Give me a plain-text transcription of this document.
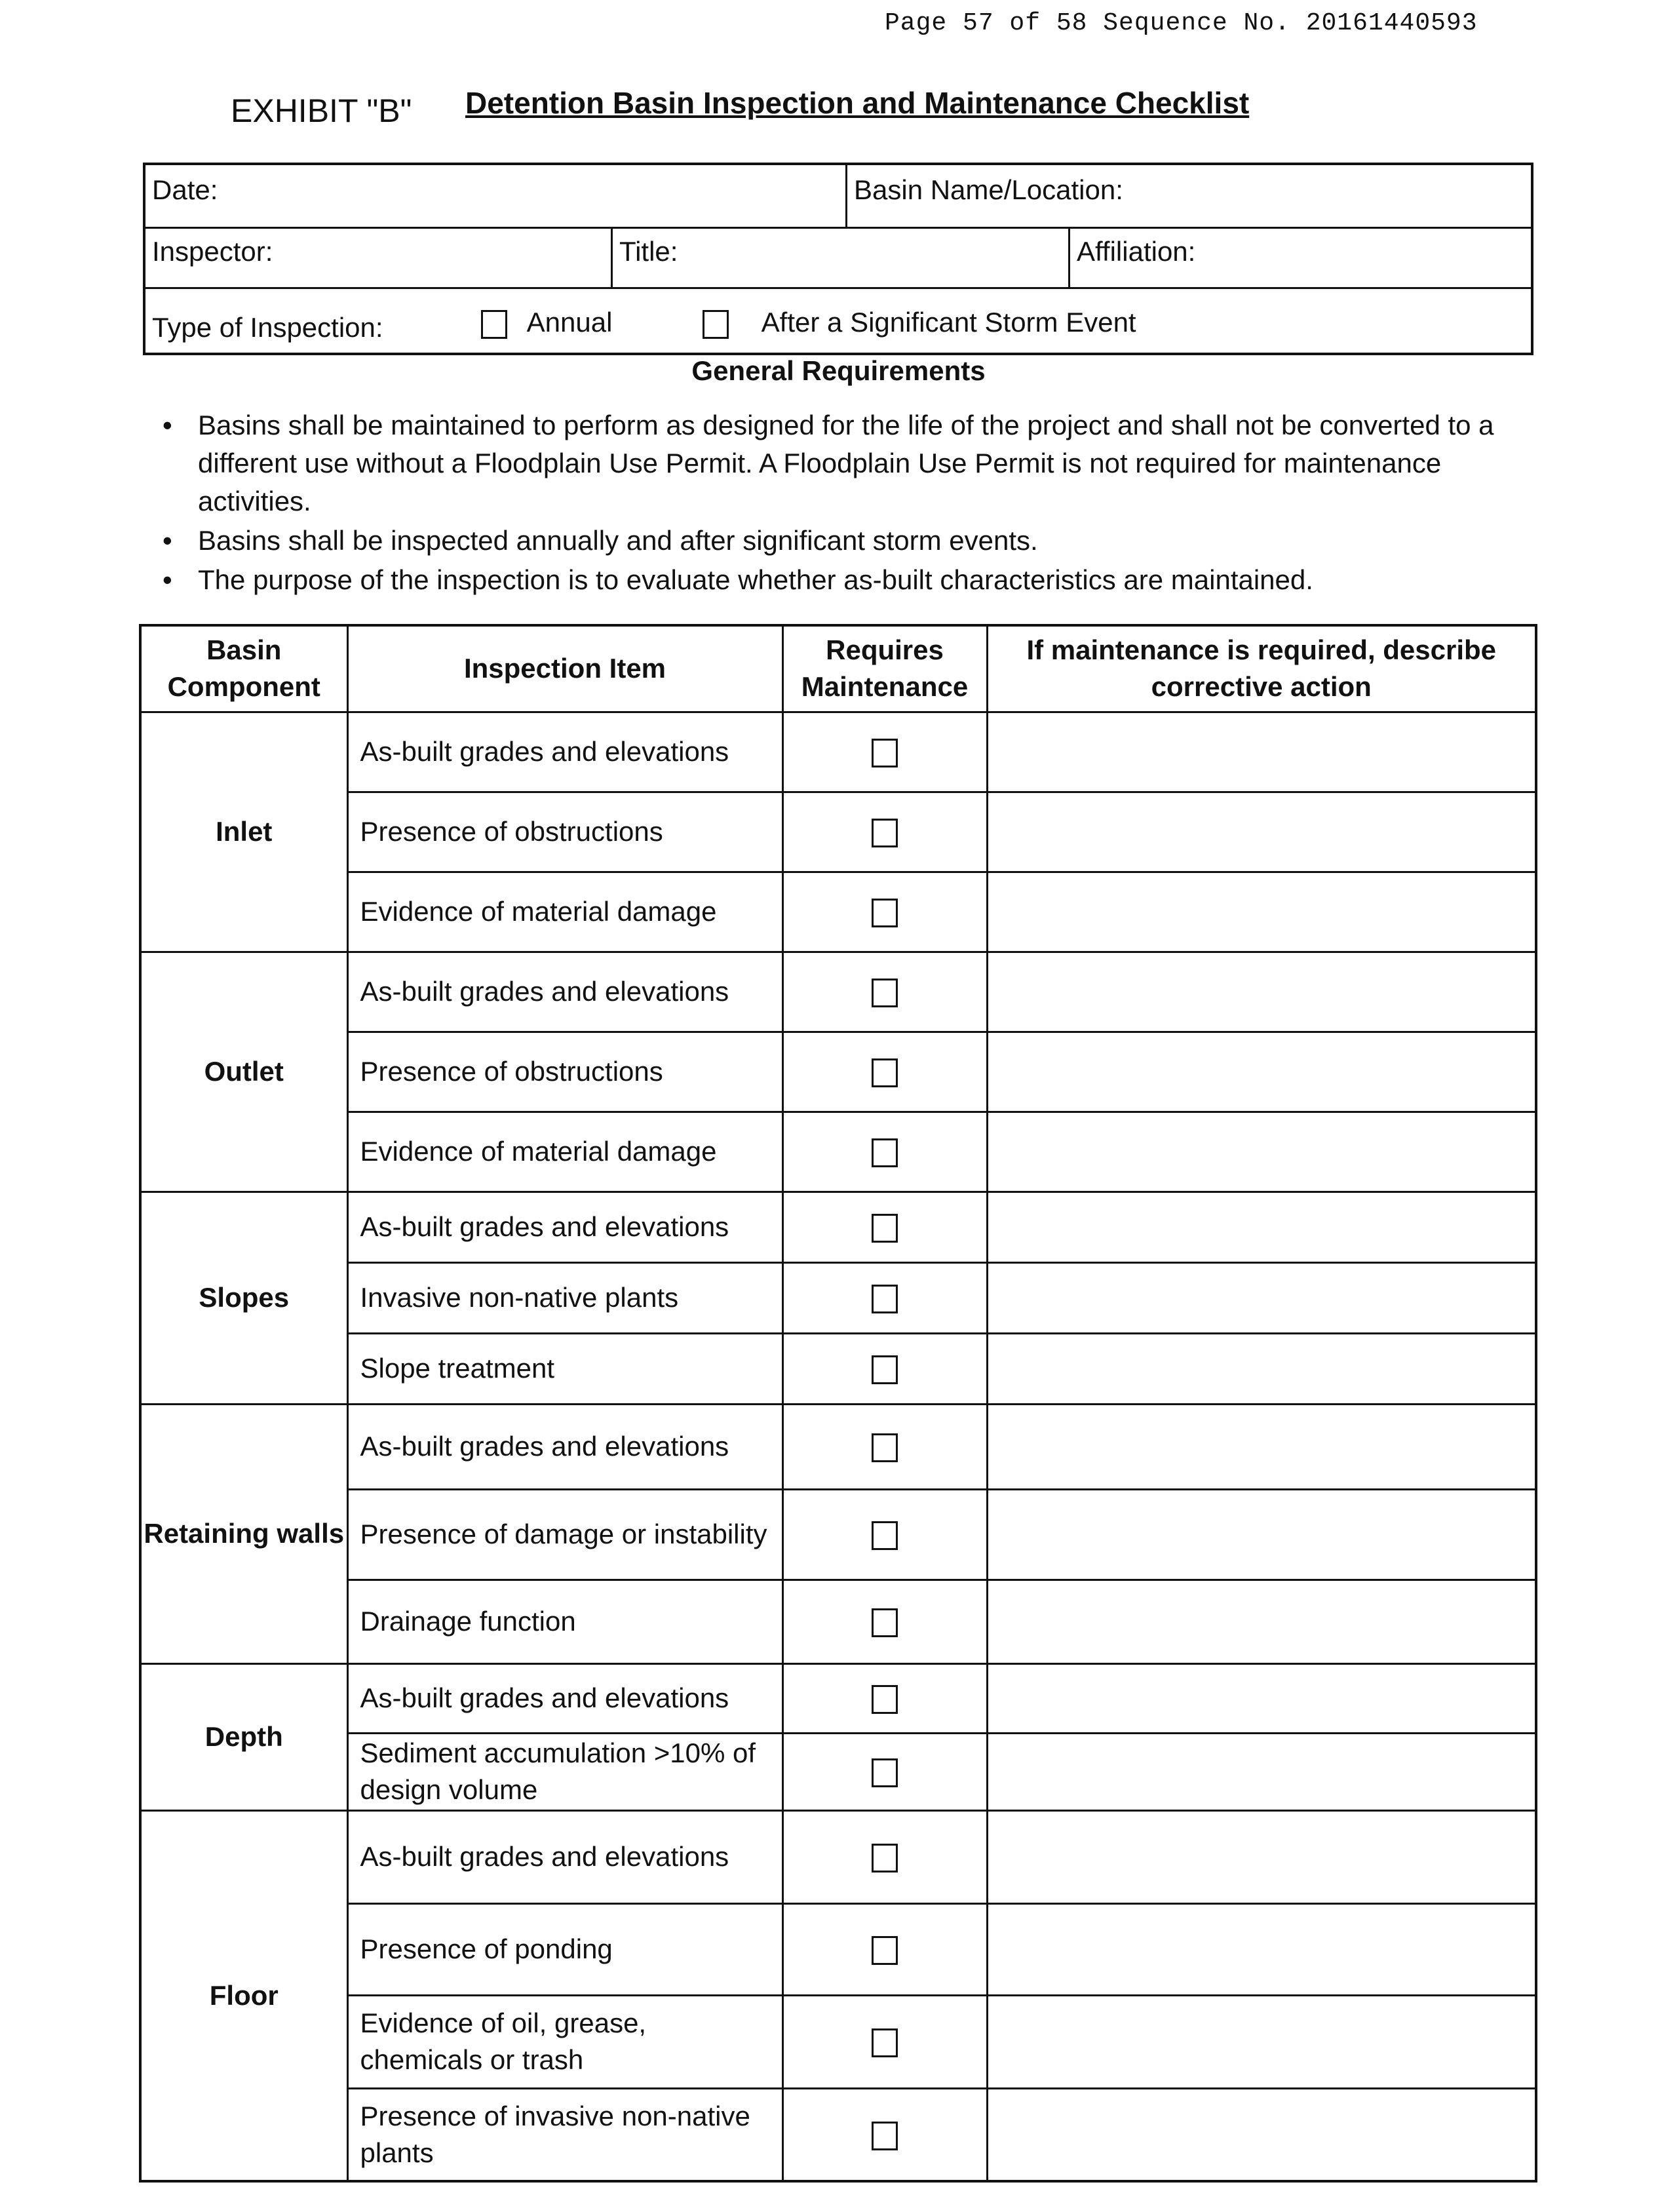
Page 57 of 58 Sequence No. 20161440593
EXHIBIT "B" Detention Basin Inspection and Maintenance Checklist
Date:	Basin Name/Location:
Inspector:	Title:	Affiliation:
Type of Inspection:	Annual	After a Significant Storm Event
General Requirements
• Basins shall be maintained to perform as designed for the life of the project and shall not be converted to a different use without a Floodplain Use Permit. A Floodplain Use Permit is not required for maintenance activities.
• Basins shall be inspected annually and after significant storm events.
• The purpose of the inspection is to evaluate whether as-built characteristics are maintained.
Basin Component	Inspection Item	Requires Maintenance	If maintenance is required, describe corrective action
Inlet	As-built grades and elevations		
	Presence of obstructions		
	Evidence of material damage		
Outlet	As-built grades and elevations		
	Presence of obstructions		
	Evidence of material damage		
Slopes	As-built grades and elevations		
	Invasive non-native plants		
	Slope treatment		
Retaining walls	As-built grades and elevations		
	Presence of damage or instability		
	Drainage function		
Depth	As-built grades and elevations		
	Sediment accumulation >10% of design volume		
Floor	As-built grades and elevations		
	Presence of ponding		
	Evidence of oil, grease, chemicals or trash		
	Presence of invasive non-native plants		
